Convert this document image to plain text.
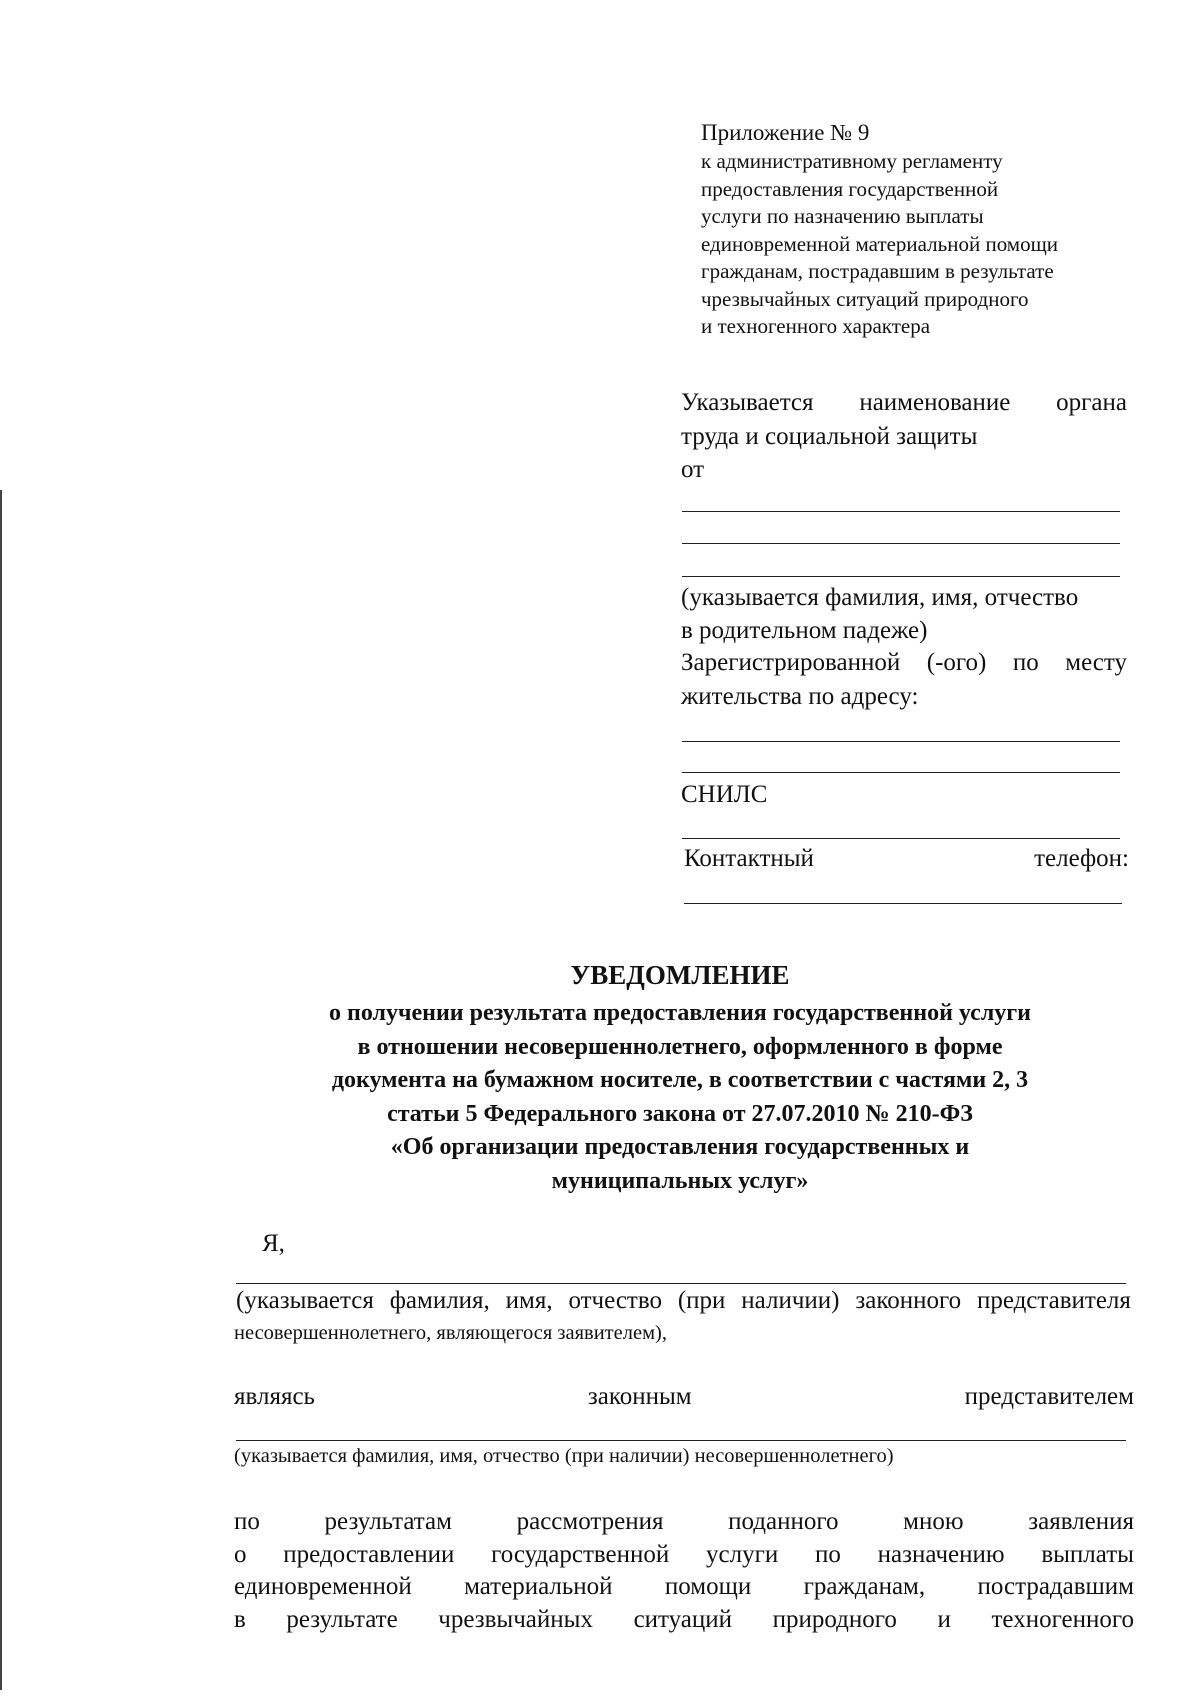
Приложение № 9
к административному регламенту
предоставления государственной
услуги по назначению выплаты
единовременной материальной помощи
гражданам, пострадавшим в результате
чрезвычайных ситуаций природного
и техногенного характера
Указывается наименование органа
труда и социальной защиты
от
(указывается фамилия, имя, отчество
в родительном падеже)
Зарегистрированной (-ого) по месту
жительства по адресу:
СНИЛС
Контактный	телефон:
УВЕДОМЛЕНИЕ
о получении результата предоставления государственной услуги
в отношении несовершеннолетнего, оформленного в форме
документа на бумажном носителе, в соответствии с частями 2, 3
статьи 5 Федерального закона от 27.07.2010 № 210-ФЗ
«Об организации предоставления государственных и
муниципальных услуг»
Я,
(указывается фамилия, имя, отчество (при наличии) законного представителя
несовершеннолетнего, являющегося заявителем),
являясь	законным	представителем
(указывается фамилия, имя, отчество (при наличии) несовершеннолетнего)
по	результатам	рассмотрения	поданного	мною	заявления
о предоставлении государственной услуги по назначению выплаты
единовременной материальной помощи гражданам, пострадавшим
в результате чрезвычайных ситуаций природного и техногенного
